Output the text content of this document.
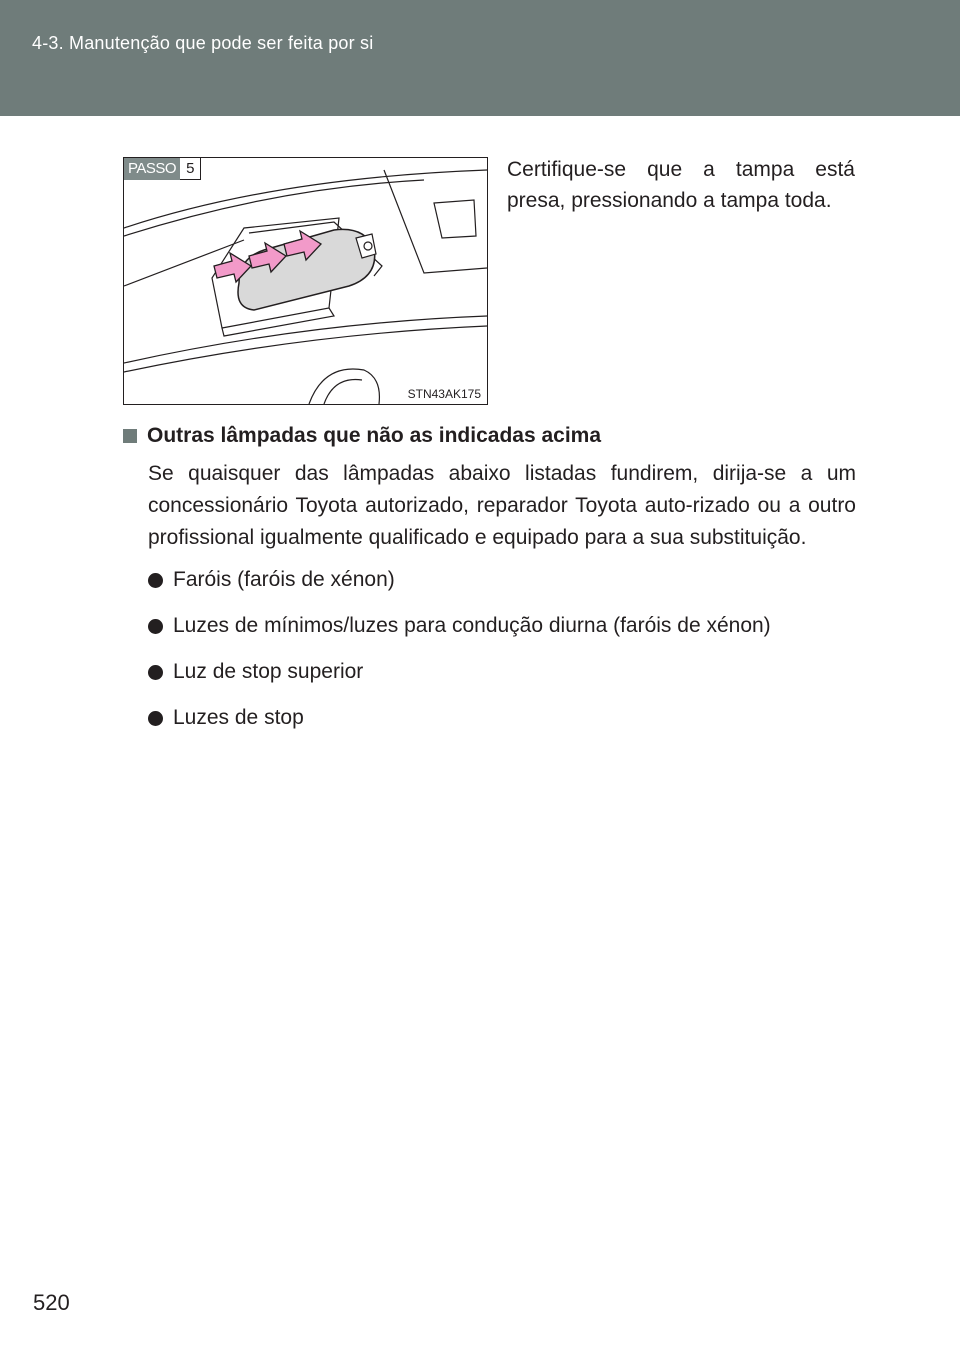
4-3. Manutenção que pode ser feita por si
PASSO 5
STN43AK175
Certifique-se que a tampa está presa, pressionando a tampa toda.
Outras lâmpadas que não as indicadas acima
Se quaisquer das lâmpadas abaixo listadas fundirem, dirija-se a um concessionário Toyota autorizado, reparador Toyota auto-rizado ou a outro profissional igualmente qualificado e equipado para a sua substituição.
Faróis (faróis de xénon)
Luzes de mínimos/luzes para condução diurna (faróis de xénon)
Luz de stop superior
Luzes de stop
520
